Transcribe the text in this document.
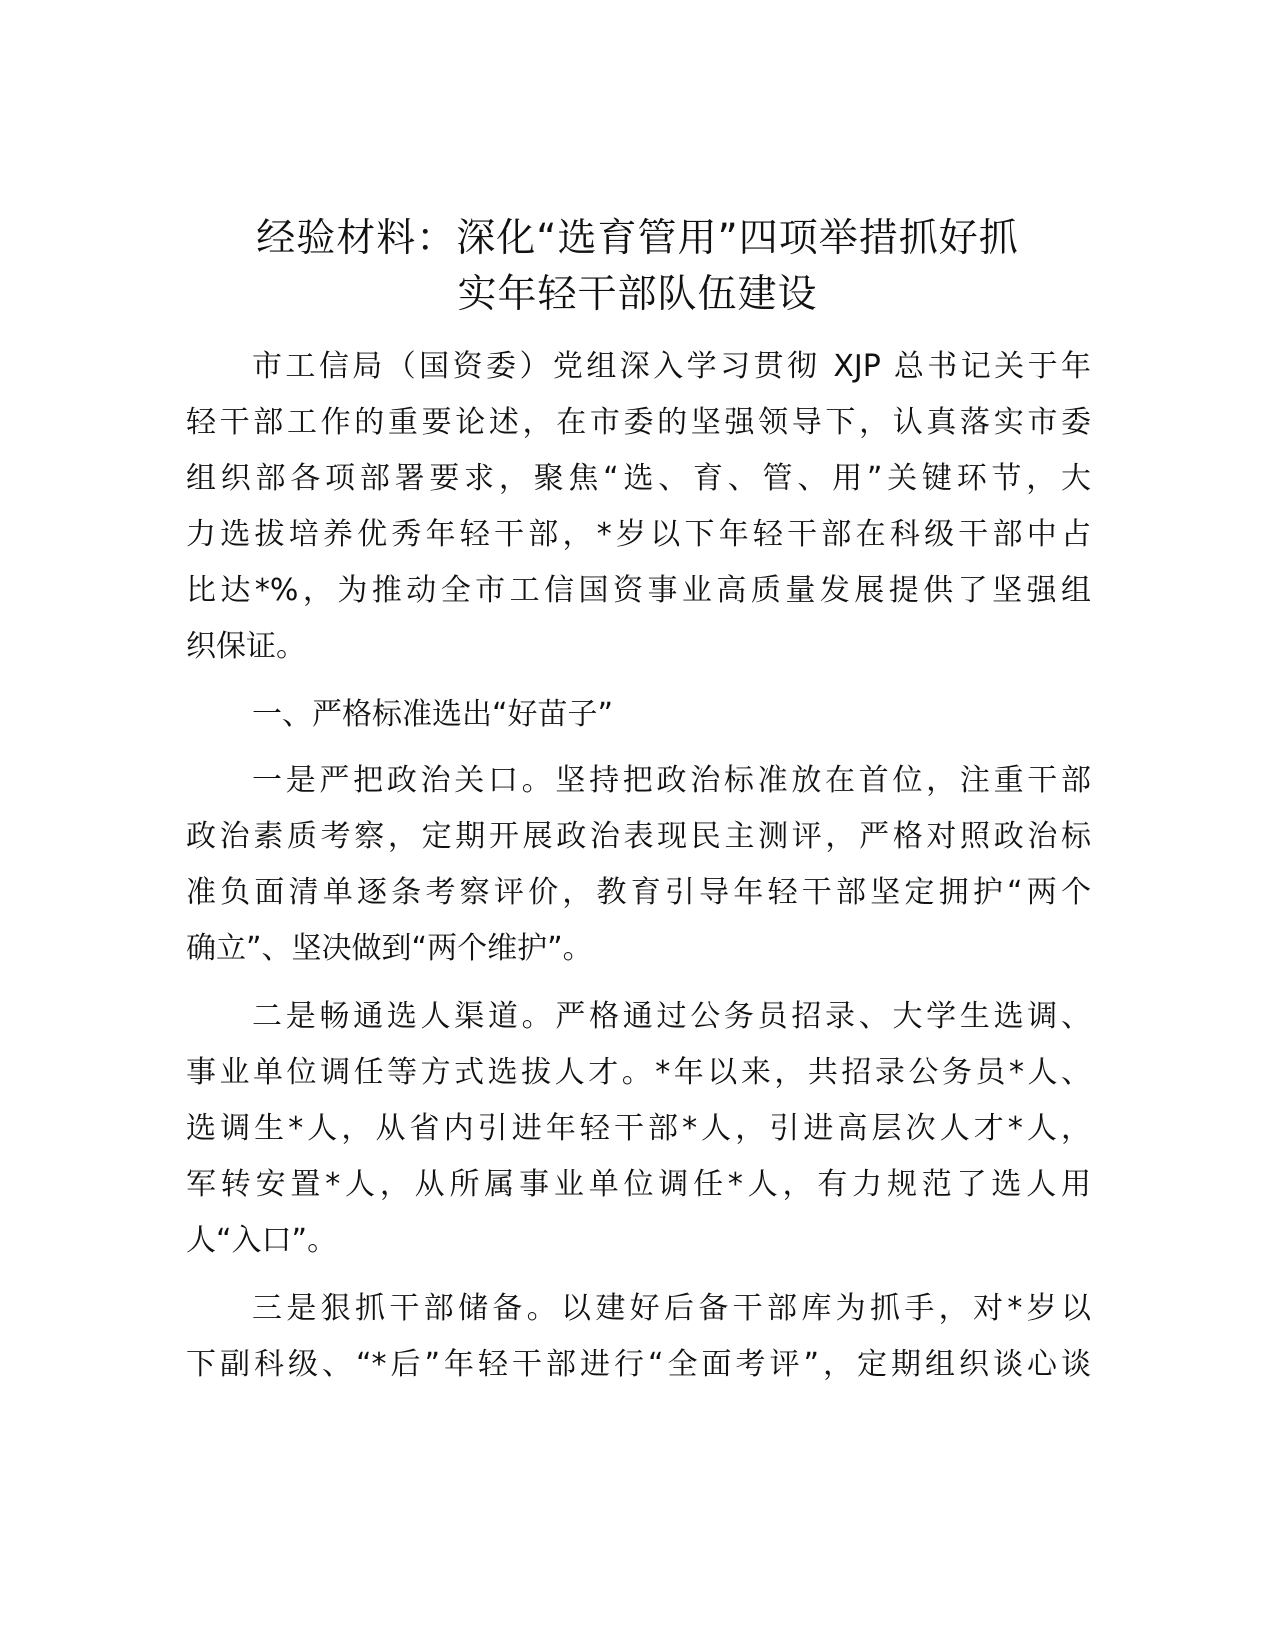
经验材料：深化“选育管用”四项举措抓好抓
实年轻干部队伍建设
市工信局（国资委）党组深入学习贯彻 XJP 总书记关于年
轻干部工作的重要论述，在市委的坚强领导下，认真落实市委
组织部各项部署要求，聚焦“选、育、管、用”关键环节，大
力选拔培养优秀年轻干部，*岁以下年轻干部在科级干部中占
比达*%，为推动全市工信国资事业高质量发展提供了坚强组
织保证。
一、严格标准选出“好苗子”
一是严把政治关口。坚持把政治标准放在首位，注重干部
政治素质考察，定期开展政治表现民主测评，严格对照政治标
准负面清单逐条考察评价，教育引导年轻干部坚定拥护“两个
确立”、坚决做到“两个维护”。
二是畅通选人渠道。严格通过公务员招录、大学生选调、
事业单位调任等方式选拔人才。*年以来，共招录公务员*人、
选调生*人，从省内引进年轻干部*人，引进高层次人才*人，
军转安置*人，从所属事业单位调任*人，有力规范了选人用
人“入口”。
三是狠抓干部储备。以建好后备干部库为抓手，对*岁以
下副科级、“*后”年轻干部进行“全面考评”，定期组织谈心谈
